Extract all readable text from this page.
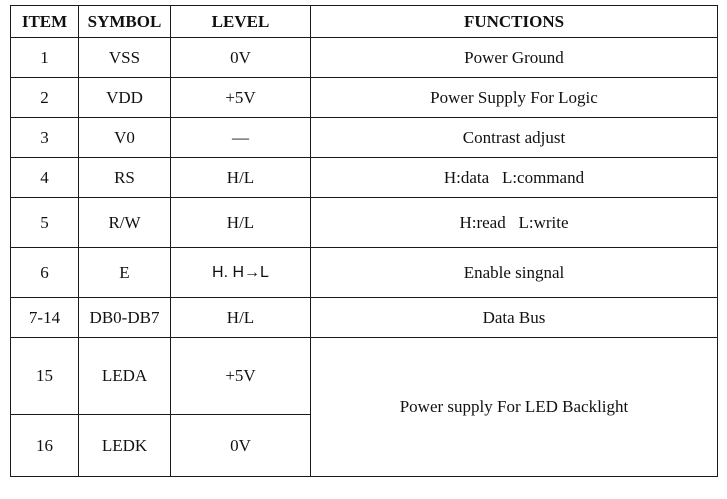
ITEM	SYMBOL	LEVEL	FUNCTIONS
1	VSS	0V	Power Ground
2	VDD	+5V	Power Supply For Logic
3	V0	—	Contrast adjust
4	RS	H/L	H:data   L:command
5	R/W	H/L	H:read   L:write
6	E	H. H→L	Enable singnal
7-14	DB0-DB7	H/L	Data Bus
15	LEDA	+5V	Power supply For LED Backlight
16	LEDK	0V	
